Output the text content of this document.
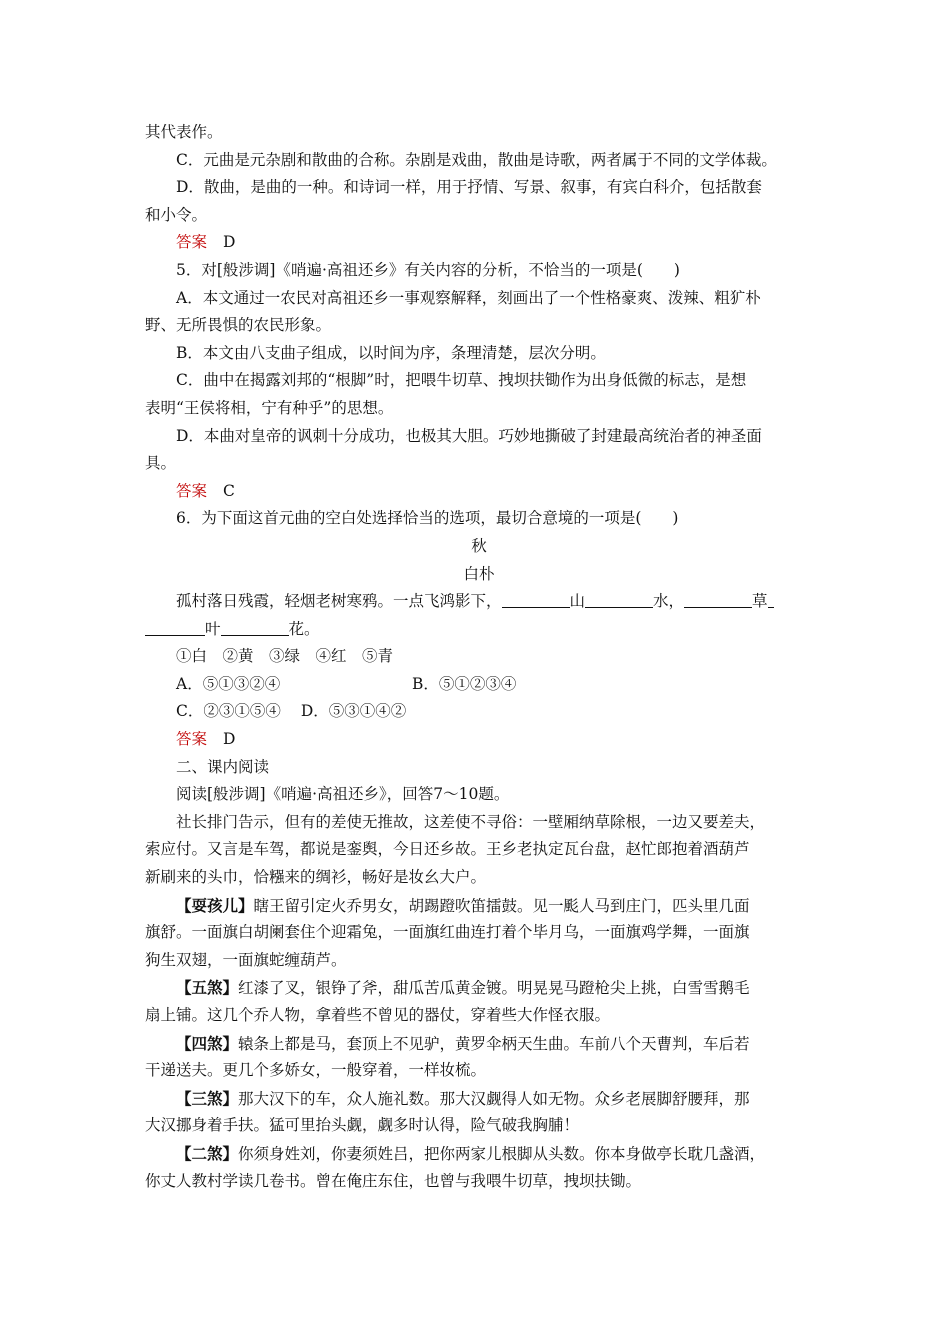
其代表作。
C．元曲是元杂剧和散曲的合称。杂剧是戏曲，散曲是诗歌，两者属于不同的文学体裁。
D．散曲，是曲的一种。和诗词一样，用于抒情、写景、叙事，有宾白科介，包括散套
和小令。
答案 D
5．对[般涉调]《哨遍·高祖还乡》有关内容的分析，不恰当的一项是(　　)
A．本文通过一农民对高祖还乡一事观察解释，刻画出了一个性格豪爽、泼辣、粗犷朴
野、无所畏惧的农民形象。
B．本文由八支曲子组成，以时间为序，条理清楚，层次分明。
C．曲中在揭露刘邦的“根脚”时，把喂牛切草、拽坝扶锄作为出身低微的标志，是想
表明“王侯将相，宁有种乎”的思想。
D．本曲对皇帝的讽刺十分成功，也极其大胆。巧妙地撕破了封建最高统治者的神圣面
具。
答案 C
6．为下面这首元曲的空白处选择恰当的选项，最切合意境的一项是(　　)
秋
白朴
孤村落日残霞，轻烟老树寒鸦。一点飞鸿影下，	山	水，	草
叶	花。
①白　②黄　③绿　④红　⑤青
A．⑤①③②④	B．⑤①②③④
C．②③①⑤④ D．⑤③①④②
答案 D
二、课内阅读
阅读[般涉调]《哨遍·高祖还乡》，回答7～10题。
社长排门告示，但有的差使无推故，这差使不寻俗：一壁厢纳草除根，一边又要差夫，
索应付。又言是车驾，都说是銮舆，今日还乡故。王乡老执定瓦台盘，赵忙郎抱着酒葫芦
新刷来的头巾，恰糨来的绸衫，畅好是妆幺大户。
【耍孩儿】瞎王留引定火乔男女，胡踢蹬吹笛擂鼓。见一颩人马到庄门，匹头里几面
旗舒。一面旗白胡阑套住个迎霜兔，一面旗红曲连打着个毕月乌，一面旗鸡学舞，一面旗
狗生双翅，一面旗蛇缠葫芦。
【五煞】红漆了叉，银铮了斧，甜瓜苦瓜黄金镀。明晃晃马蹬枪尖上挑，白雪雪鹅毛
扇上铺。这几个乔人物，拿着些不曾见的器仗，穿着些大作怪衣服。
【四煞】辕条上都是马，套顶上不见驴，黄罗伞柄天生曲。车前八个天曹判，车后若
干递送夫。更几个多娇女，一般穿着，一样妆梳。
【三煞】那大汉下的车，众人施礼数。那大汉觑得人如无物。众乡老展脚舒腰拜，那
大汉挪身着手扶。猛可里抬头觑，觑多时认得，险气破我胸脯！
【二煞】你须身姓刘，你妻须姓吕，把你两家儿根脚从头数。你本身做亭长耽几盏酒，
你丈人教村学读几卷书。曾在俺庄东住，也曾与我喂牛切草，拽坝扶锄。
